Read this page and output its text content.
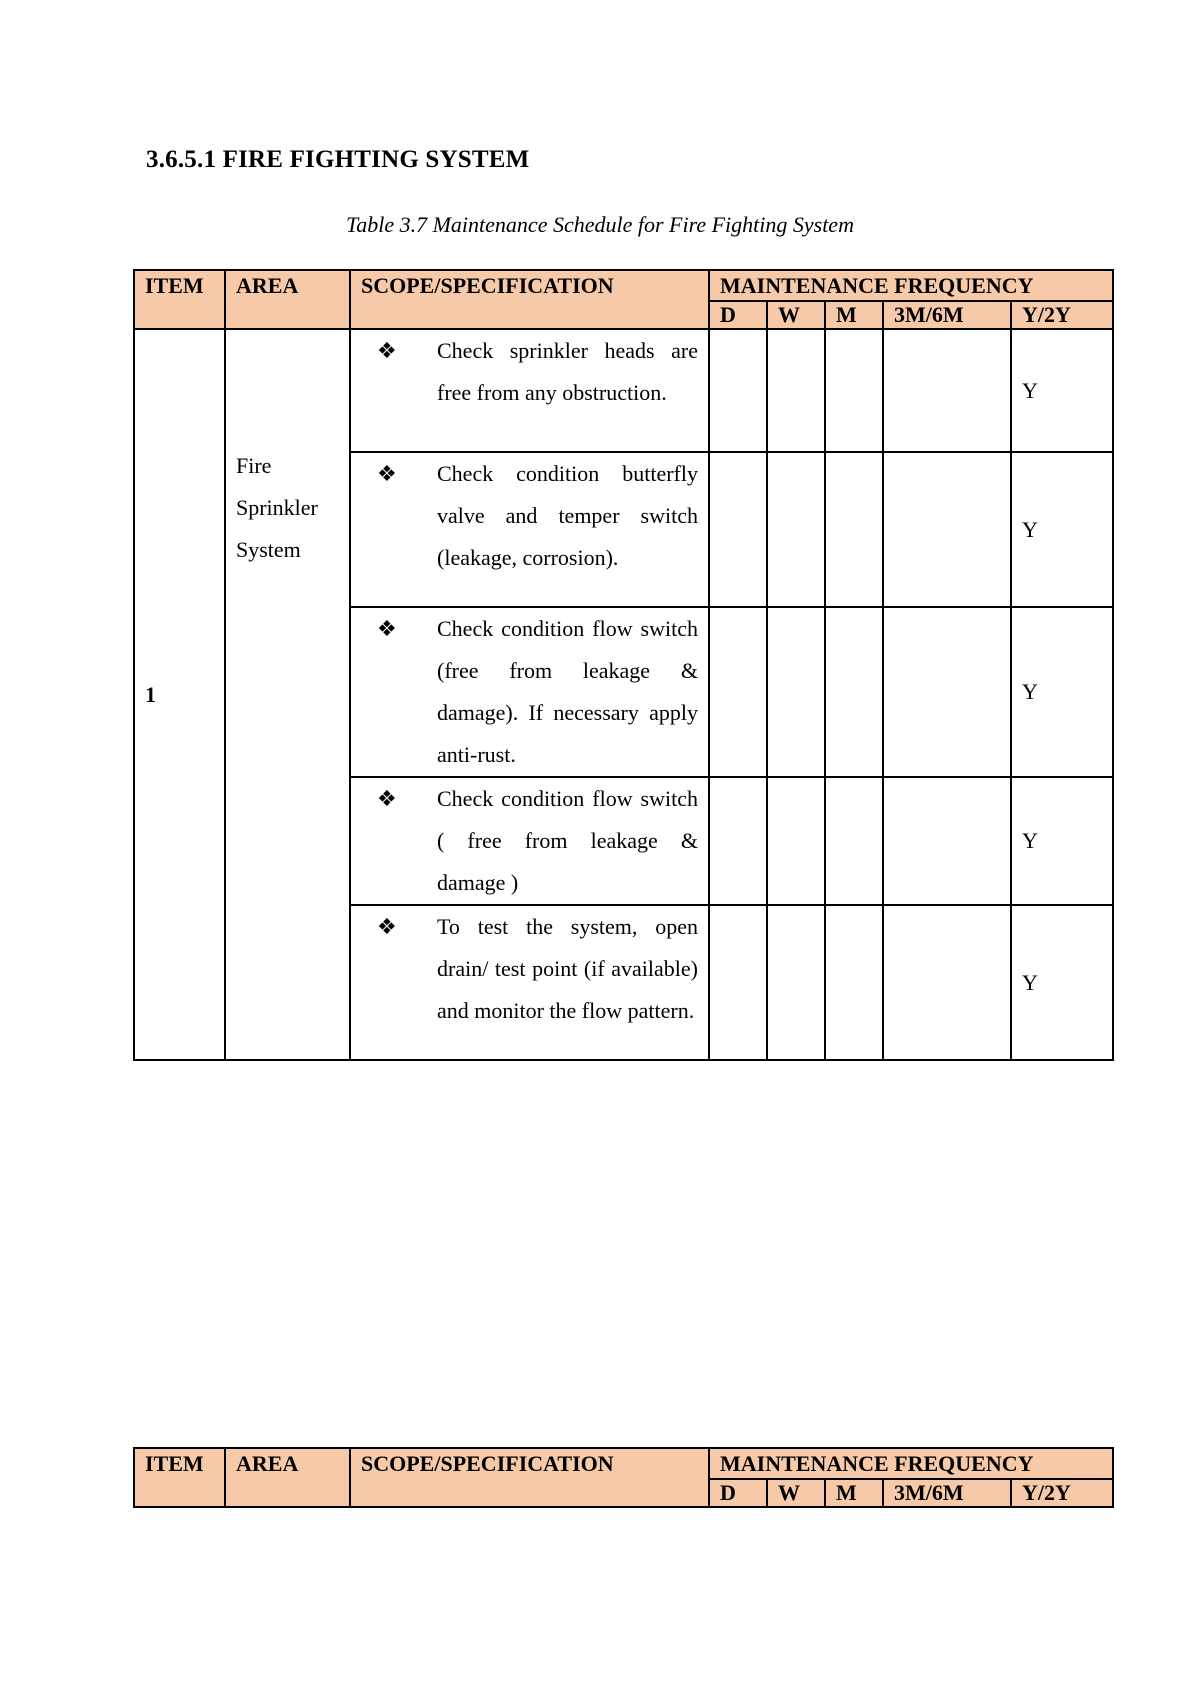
3.6.5.1 FIRE FIGHTING SYSTEM
Table 3.7 Maintenance Schedule for Fire Fighting System
ITEM	AREA	SCOPE/SPECIFICATION	MAINTENANCE FREQUENCY				
			D	W	M	3M/6M	Y/2Y
1	Fire
Sprinkler
System	❖ Check sprinkler heads are free from any obstruction.					Y

		❖ Check condition butterfly valve and temper switch (leakage, corrosion).					Y

		❖ Check condition flow switch (free from leakage & damage). If necessary apply anti-rust.					Y

		❖ Check condition flow switch ( free from leakage & damage )					Y

		❖ To test the system, open drain/ test point (if available) and monitor the flow pattern.					Y
ITEM	AREA	SCOPE/SPECIFICATION	MAINTENANCE FREQUENCY				
			D	W	M	3M/6M	Y/2Y
